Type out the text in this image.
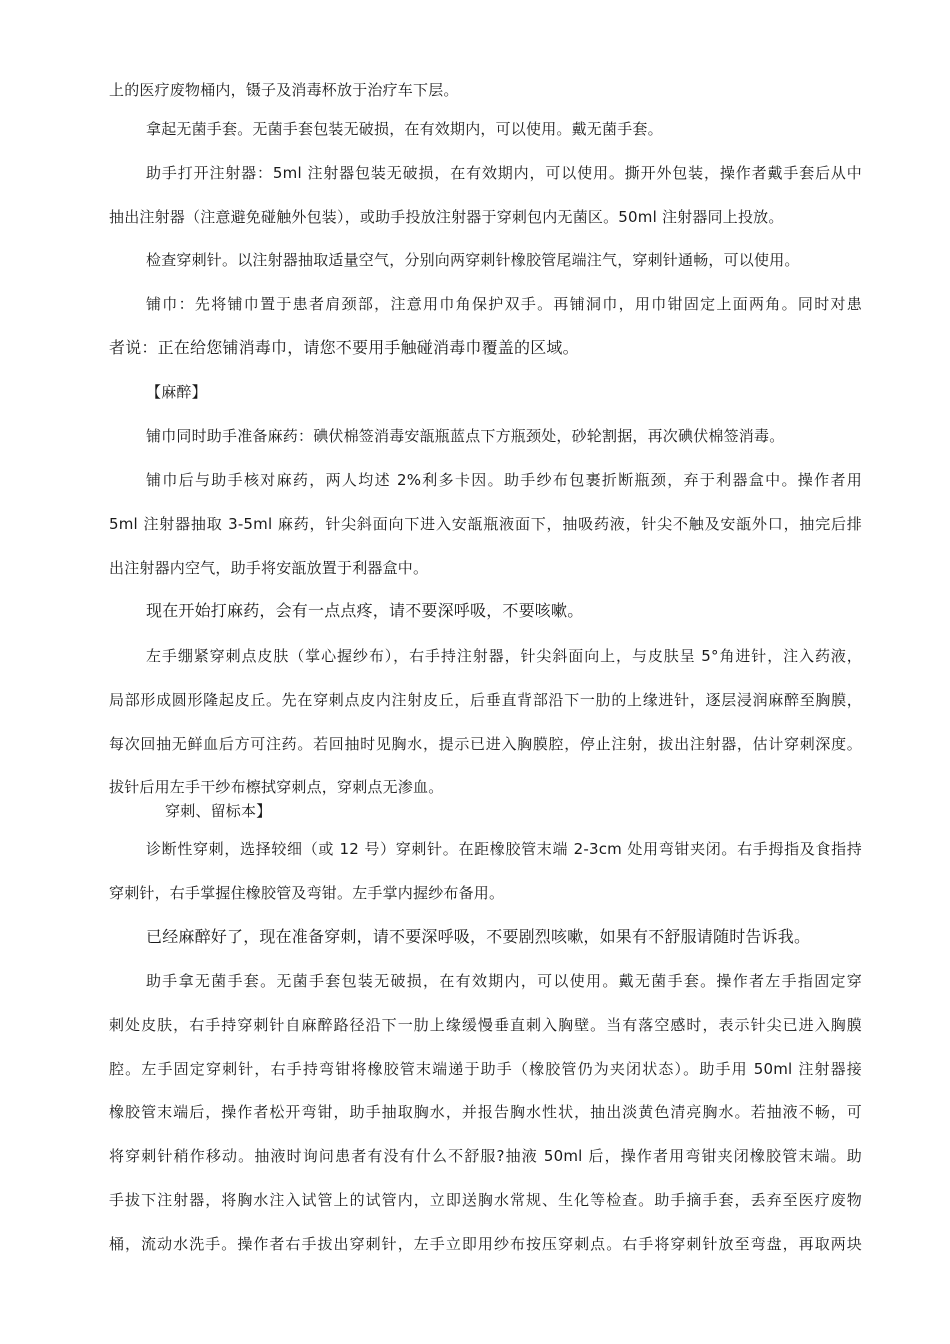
上的医疗废物桶内，镊子及消毒杯放于治疗车下层。
拿起无菌手套。无菌手套包装无破损，在有效期内，可以使用。戴无菌手套。
助手打开注射器：5ml 注射器包装无破损，在有效期内，可以使用。撕开外包装，操作者戴手套后从中
抽出注射器（注意避免碰触外包装），或助手投放注射器于穿刺包内无菌区。50ml 注射器同上投放。
检查穿刺针。以注射器抽取适量空气，分别向两穿刺针橡胶管尾端注气，穿刺针通畅，可以使用。
铺巾：先将铺巾置于患者肩颈部，注意用巾角保护双手。再铺洞巾，用巾钳固定上面两角。同时对患
者说：正在给您铺消毒巾，请您不要用手触碰消毒巾覆盖的区域。
【麻醉】
铺巾同时助手准备麻药：碘伏棉签消毒安瓿瓶蓝点下方瓶颈处，砂轮割据，再次碘伏棉签消毒。
铺巾后与助手核对麻药，两人均述 2%利多卡因。助手纱布包裹折断瓶颈，弃于利器盒中。操作者用
5ml 注射器抽取 3-5ml 麻药，针尖斜面向下进入安瓿瓶液面下，抽吸药液，针尖不触及安瓿外口，抽完后排
出注射器内空气，助手将安瓿放置于利器盒中。
现在开始打麻药，会有一点点疼，请不要深呼吸，不要咳嗽。
左手绷紧穿刺点皮肤（掌心握纱布），右手持注射器，针尖斜面向上，与皮肤呈 5°角进针，注入药液，
局部形成圆形隆起皮丘。先在穿刺点皮内注射皮丘，后垂直背部沿下一肋的上缘进针，逐层浸润麻醉至胸膜，
每次回抽无鲜血后方可注药。若回抽时见胸水，提示已进入胸膜腔，停止注射，拔出注射器，估计穿刺深度。
拔针后用左手干纱布檫拭穿刺点，穿刺点无渗血。
穿刺、留标本】
诊断性穿刺，选择较细（或 12 号）穿刺针。在距橡胶管末端 2-3cm 处用弯钳夹闭。右手拇指及食指持
穿刺针，右手掌握住橡胶管及弯钳。左手掌内握纱布备用。
已经麻醉好了，现在准备穿刺，请不要深呼吸，不要剧烈咳嗽，如果有不舒服请随时告诉我。
助手拿无菌手套。无菌手套包装无破损，在有效期内，可以使用。戴无菌手套。操作者左手指固定穿
刺处皮肤，右手持穿刺针自麻醉路径沿下一肋上缘缓慢垂直刺入胸壁。当有落空感时，表示针尖已进入胸膜
腔。左手固定穿刺针，右手持弯钳将橡胶管末端递于助手（橡胶管仍为夹闭状态）。助手用 50ml 注射器接
橡胶管末端后，操作者松开弯钳，助手抽取胸水，并报告胸水性状，抽出淡黄色清亮胸水。若抽液不畅，可
将穿刺针稍作移动。抽液时询问患者有没有什么不舒服?抽液 50ml 后，操作者用弯钳夹闭橡胶管末端。助
手拔下注射器，将胸水注入试管上的试管内，立即送胸水常规、生化等检查。助手摘手套，丢弃至医疗废物
桶，流动水洗手。操作者右手拔出穿刺针，左手立即用纱布按压穿刺点。右手将穿刺针放至弯盘，再取两块
